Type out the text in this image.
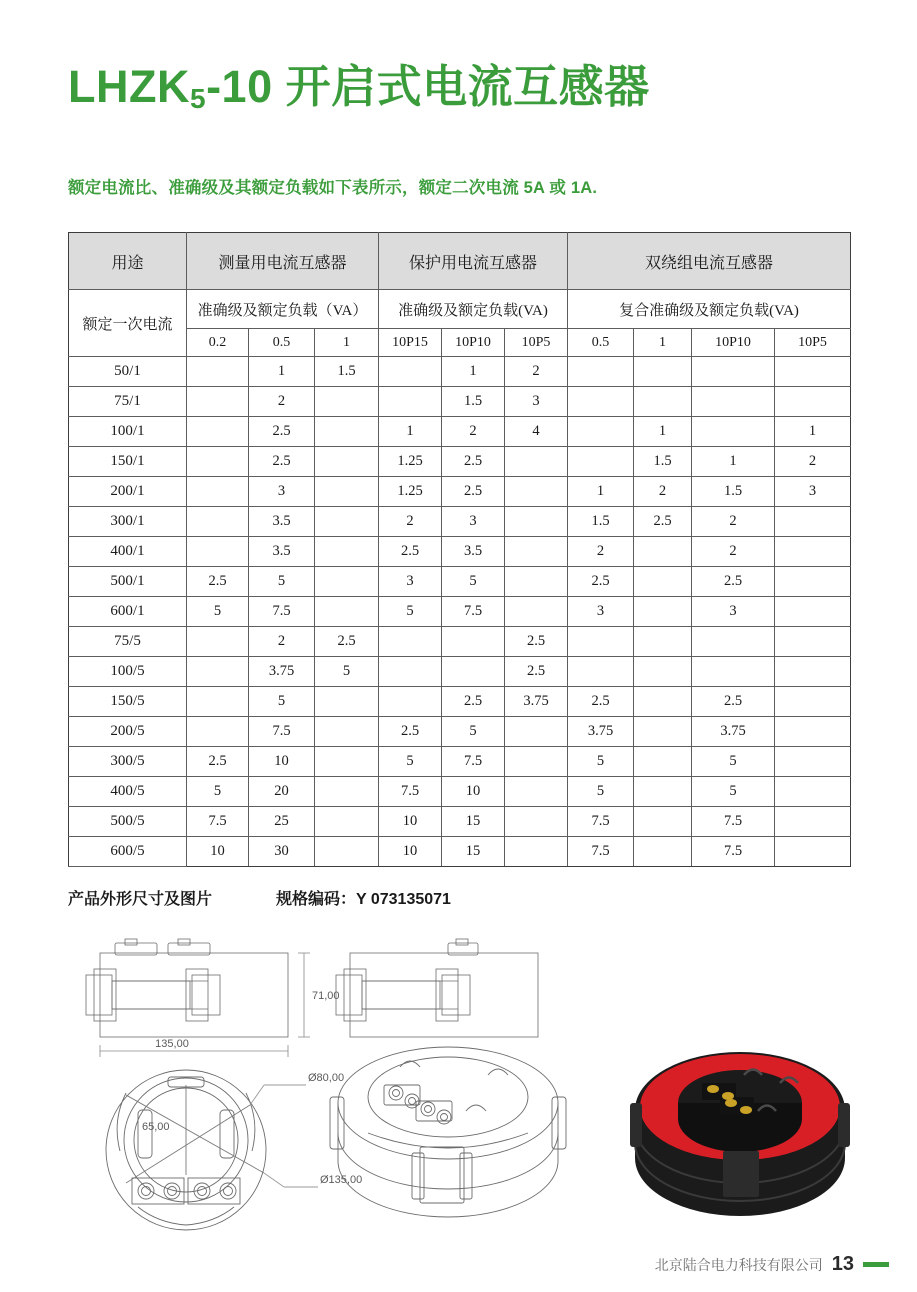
LHZK5-10 开启式电流互感器
额定电流比、准确级及其额定负载如下表所示，额定二次电流 5A 或 1A.
用途	测量用电流互感器			保护用电流互感器			双绕组电流互感器			
额定一次电流	准确级及额定负载（VA）			准确级及额定负载(VA)			复合准确级及额定负载(VA)			
	0.2	0.5	1	10P15	10P10	10P5	0.5	1	10P10	10P5
50/1		1	1.5		1	2				
75/1		2			1.5	3				
100/1		2.5		1	2	4		1		1
150/1		2.5		1.25	2.5			1.5	1	2
200/1		3		1.25	2.5		1	2	1.5	3
300/1		3.5		2	3		1.5	2.5	2	
400/1		3.5		2.5	3.5		2		2	
500/1	2.5	5		3	5		2.5		2.5	
600/1	5	7.5		5	7.5		3		3	
75/5		2	2.5			2.5				
100/5		3.75	5			2.5				
150/5		5			2.5	3.75	2.5		2.5	
200/5		7.5		2.5	5		3.75		3.75	
300/5	2.5	10		5	7.5		5		5	
400/5	5	20		7.5	10		5		5	
500/5	7.5	25		10	15		7.5		7.5	
600/5	10	30		10	15		7.5		7.5	
产品外形尺寸及图片	规格编码：Y 073135071
71,00
135,00
Ø80,00
Ø135,00
65,00
北京陆合电力科技有限公司 13
